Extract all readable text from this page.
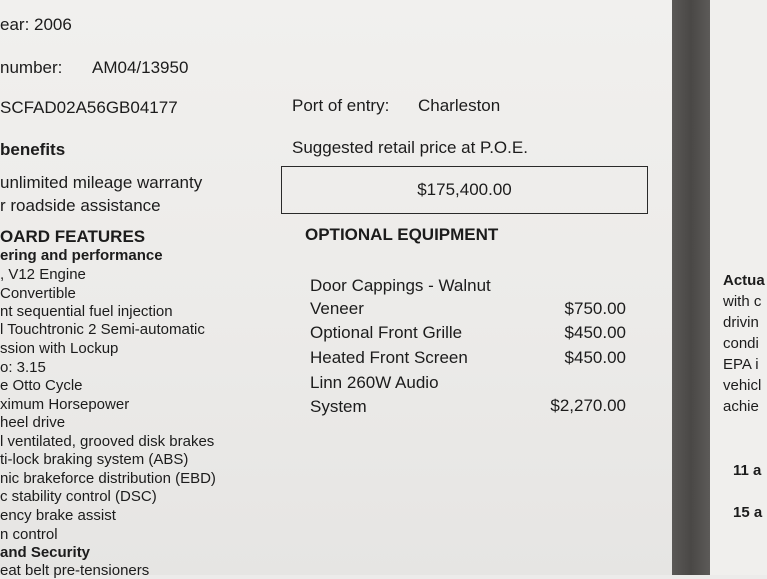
ear: 2006
number: AM04/13950
SCFAD02A56GB04177
benefits
unlimited mileage warranty
r roadside assistance
OARD FEATURES
ering and performance
, V12 Engine
Convertible
nt sequential fuel injection
l Touchtronic 2 Semi-automatic
ssion with Lockup
o: 3.15
e Otto Cycle
ximum Horsepower
heel drive
l ventilated, grooved disk brakes
ti-lock braking system (ABS)
nic brakeforce distribution (EBD)
c stability control (DSC)
ency brake assist
n control
and Security
eat belt pre-tensioners
Port of entry: Charleston
Suggested retail price at P.O.E.
$175,400.00
OPTIONAL EQUIPMENT
Door Cappings - Walnut
Veneer	$750.00
Optional Front Grille	$450.00
Heated Front Screen	$450.00
Linn 260W Audio
System	$2,270.00
Actua
with c
drivin
condi
EPA i
vehicl
achie
11 a
15 a
